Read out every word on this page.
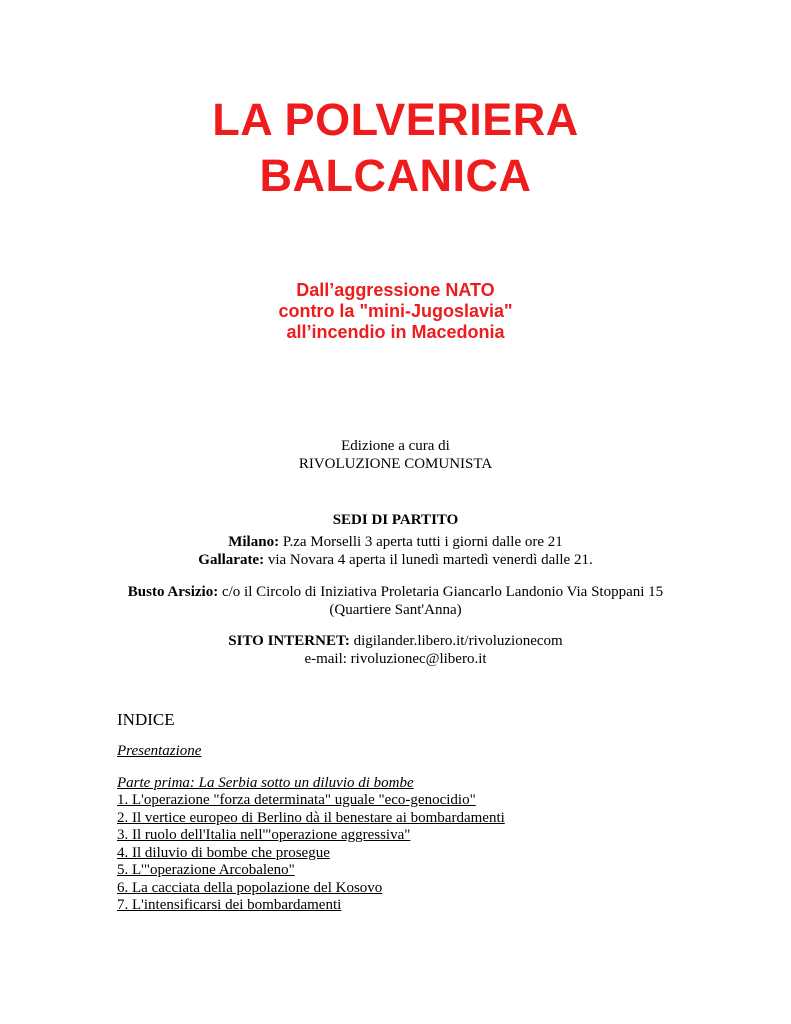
LA POLVERIERA
BALCANICA
Dall’aggressione NATO
contro la "mini-Jugoslavia"
all’incendio in Macedonia
Edizione a cura di
RIVOLUZIONE COMUNISTA
SEDI DI PARTITO
Milano: P.za Morselli 3 aperta tutti i giorni dalle ore 21
Gallarate: via Novara 4 aperta il lunedì martedì venerdì dalle 21.
Busto Arsizio: c/o il Circolo di Iniziativa Proletaria Giancarlo Landonio Via Stoppani 15 (Quartiere Sant'Anna)
SITO INTERNET: digilander.libero.it/rivoluzionecom
e-mail: rivoluzionec@libero.it
INDICE
Presentazione
Parte prima: La Serbia sotto un diluvio di bombe
1. L'operazione "forza determinata" uguale "eco-genocidio"
2. Il vertice europeo di Berlino dà il benestare ai bombardamenti
3. Il ruolo dell'Italia nell'"operazione aggressiva"
4. Il diluvio di bombe che prosegue
5. L'"operazione Arcobaleno"
6. La cacciata della popolazione del Kosovo
7. L'intensificarsi dei bombardamenti
